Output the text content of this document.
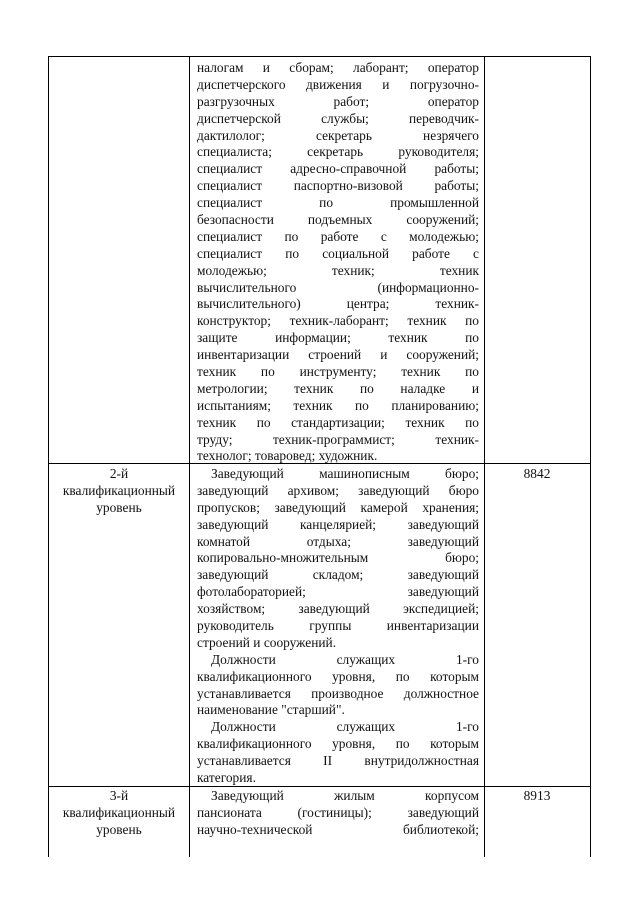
налогам и сборам; лаборант; оператор
диспетчерского движения и погрузочно-
разгрузочных работ; оператор
диспетчерской службы; переводчик-
дактилолог; секретарь незрячего
специалиста; секретарь руководителя;
специалист адресно-справочной работы;
специалист паспортно-визовой работы;
специалист по промышленной
безопасности подъемных сооружений;
специалист по работе с молодежью;
специалист по социальной работе с
молодежью; техник; техник
вычислительного (информационно-
вычислительного) центра; техник-
конструктор; техник-лаборант; техник по
защите информации; техник по
инвентаризации строений и сооружений;
техник по инструменту; техник по
метрологии; техник по наладке и
испытаниям; техник по планированию;
техник по стандартизации; техник по
труду; техник-программист; техник-
технолог; товаровед; художник.
2-й
квалификационный
уровень
Заведующий машинописным бюро;
заведующий архивом; заведующий бюро
пропусков; заведующий камерой хранения;
заведующий канцелярией; заведующий
комнатой отдыха; заведующий
копировально-множительным бюро;
заведующий складом; заведующий
фотолабораторией; заведующий
хозяйством; заведующий экспедицией;
руководитель группы инвентаризации
строений и сооружений.
Должности служащих 1-го
квалификационного уровня, по которым
устанавливается производное должностное
наименование "старший".
Должности служащих 1-го
квалификационного уровня, по которым
устанавливается II внутридолжностная
категория.
8842
3-й
квалификационный
уровень
Заведующий жилым корпусом
пансионата (гостиницы); заведующий
научно-технической библиотекой;
8913
